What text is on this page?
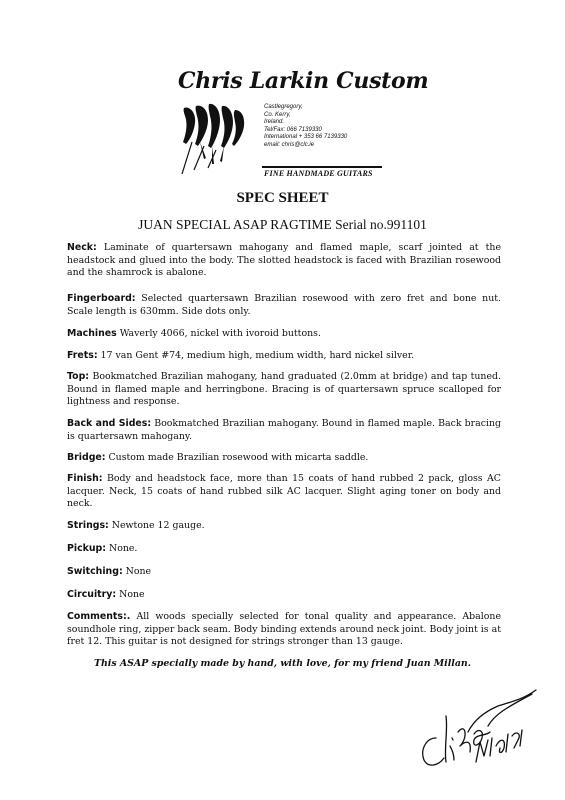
Chris Larkin Custom
Castlegregory,
Co. Kerry,
Ireland.
Tel/Fax: 066 7139330
International + 353 66 7139330
email: chris@clc.ie
FINE HANDMADE GUITARS
SPEC SHEET
JUAN SPECIAL ASAP RAGTIME Serial no.991101
Neck: Laminate of quartersawn mahogany and flamed maple, scarf jointed at the headstock and glued into the body. The slotted headstock is faced with Brazilian rosewood and the shamrock is abalone.
Fingerboard: Selected quartersawn Brazilian rosewood with zero fret and bone nut. Scale length is 630mm. Side dots only.
Machines Waverly 4066, nickel with ivoroid buttons.
Frets: 17 van Gent #74, medium high, medium width, hard nickel silver.
Top: Bookmatched Brazilian mahogany, hand graduated (2.0mm at bridge) and tap tuned. Bound in flamed maple and herringbone. Bracing is of quartersawn spruce scalloped for lightness and response.
Back and Sides: Bookmatched Brazilian mahogany. Bound in flamed maple. Back bracing is quartersawn mahogany.
Bridge: Custom made Brazilian rosewood with micarta saddle.
Finish: Body and headstock face, more than 15 coats of hand rubbed 2 pack, gloss AC lacquer. Neck, 15 coats of hand rubbed silk AC lacquer. Slight aging toner on body and neck.
Strings: Newtone 12 gauge.
Pickup: None.
Switching: None
Circuitry: None
Comments:. All woods specially selected for tonal quality and appearance. Abalone soundhole ring, zipper back seam. Body binding extends around neck joint. Body joint is at fret 12. This guitar is not designed for strings stronger than 13 gauge.
This ASAP specially made by hand, with love, for my friend Juan Millan.
